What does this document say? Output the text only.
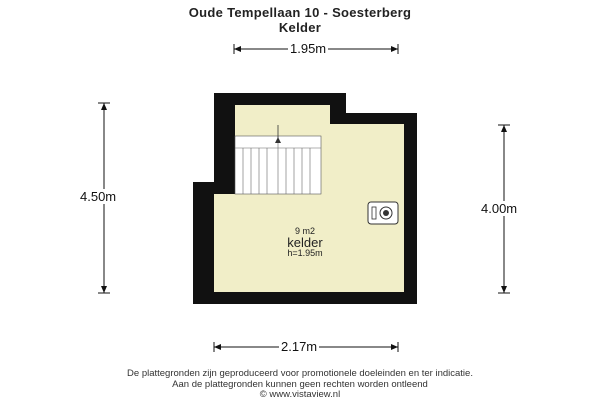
Oude Tempellaan 10 - Soesterberg
Kelder
1.95m
4.50m
4.00m
2.17m
9 m2
kelder
h=1.95m
De plattegronden zijn geproduceerd voor promotionele doeleinden en ter indicatie.
Aan de plattegronden kunnen geen rechten worden ontleend
© www.vistaview.nl
